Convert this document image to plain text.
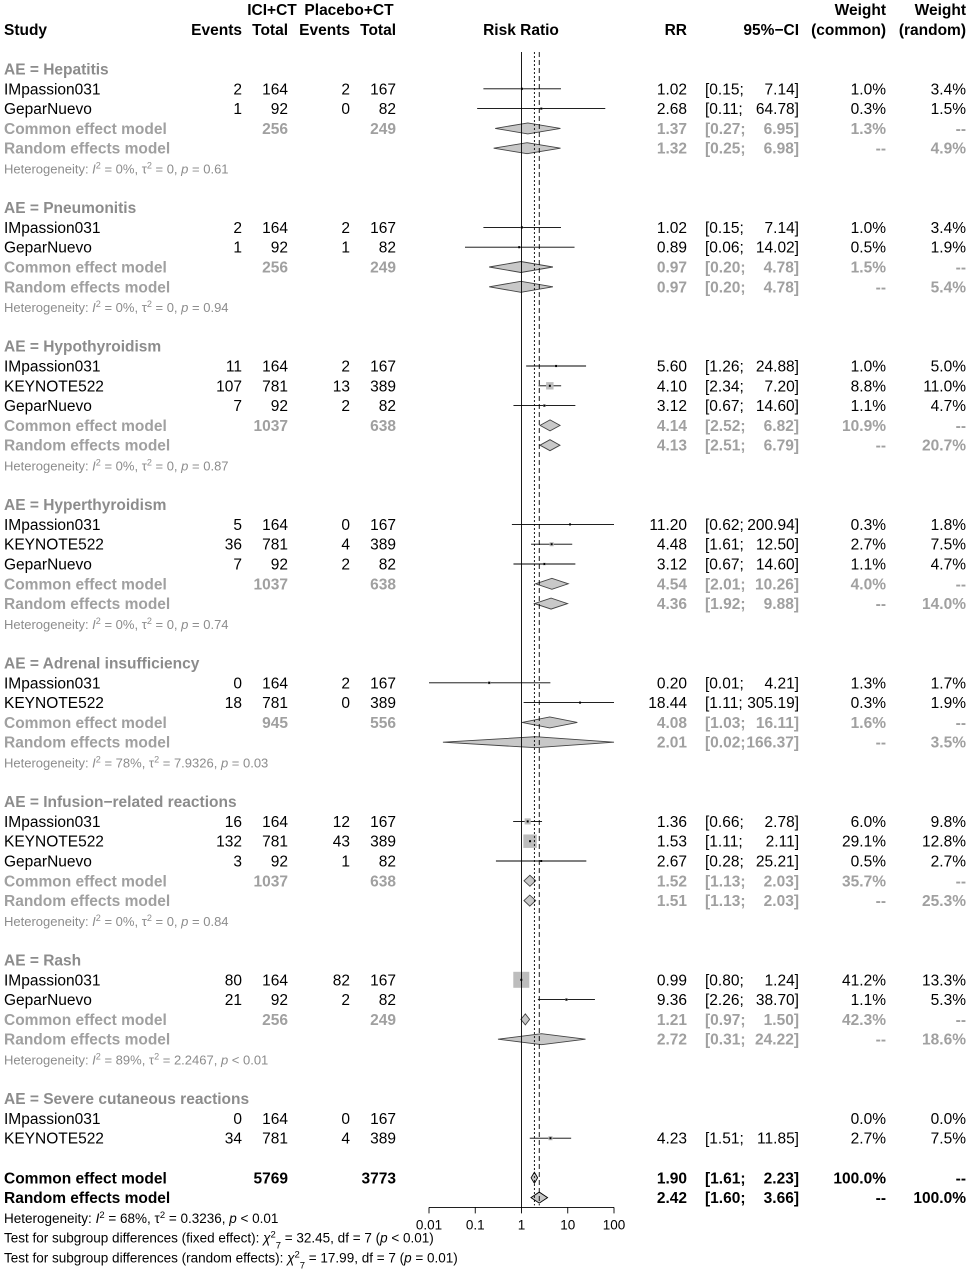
Study
ICI+CT Placebo+CT
Events Total Events Total	Risk Ratio	RR	95%−CI
Weight
(common)
Weight
(random)
AE = Hepatitis
IMpassion031	2 164	2 167	1.02 [0.15; 7.14]	1.0%	3.4%
GeparNuevo	1 92	0 82	2.68 [0.11; 64.78]	0.3%	1.5%
Common effect model	256	249	1.37 [0.27; 6.95]	1.3%	--
Random effects model	1.32 [0.25; 6.98]	--	4.9%
Heterogeneity: $I^2 = 0\%$, $\tau^2 = 0$, p = 0.61
AE = Pneumonitis
IMpassion031	2 164	2 167	1.02 [0.15; 7.14]	1.0%	3.4%
GeparNuevo	1 92	1 82	0.89 [0.06; 14.02]	0.5%	1.9%
Common effect model	256	249	0.97 [0.20; 4.78]	1.5%	--
Random effects model	0.97 [0.20; 4.78]	--	5.4%
Heterogeneity: $I^2 = 0\%$, $\tau^2 = 0$, p = 0.94
AE = Hypothyroidism
IMpassion031	11 164	2 167	5.60 [1.26; 24.88]	1.0%	5.0%
KEYNOTE522	107 781	13 389	4.10 [2.34; 7.20]	8.8% 11.0%
GeparNuevo	7 92	2 82	3.12 [0.67; 14.60]	1.1%	4.7%
Common effect model	1037	638	4.14 [2.52; 6.82]	10.9%	--
Random effects model	4.13 [2.51; 6.79]	-- 20.7%
Heterogeneity: $I^2 = 0\%$, $\tau^2 = 0$, p = 0.87
AE = Hyperthyroidism
IMpassion031	5 164	0 167	11.20 [0.62; 200.94]	0.3%	1.8%
KEYNOTE522	36 781	4 389	4.48 [1.61; 12.50]	2.7%	7.5%
GeparNuevo	7 92	2 82	3.12 [0.67; 14.60]	1.1%	4.7%
Common effect model	1037	638	4.54 [2.01; 10.26]	4.0%	--
Random effects model	4.36 [1.92; 9.88]	-- 14.0%
Heterogeneity: $I^2 = 0\%$, $\tau^2 = 0$, p = 0.74
AE = Adrenal insufficiency
IMpassion031	0 164	2 167	0.20 [0.01; 4.21]	1.3%	1.7%
KEYNOTE522	18 781	0 389	18.44 [1.11; 305.19]	0.3%	1.9%
Common effect model	945	556	4.08 [1.03; 16.11]	1.6%	--
Random effects model	2.01 [0.02; 166.37]	--	3.5%
Heterogeneity: $I^2 = 78\%$, $\tau^2 = 7.9326$, p = 0.03
AE = Infusion−related reactions
IMpassion031	16 164	12 167	1.36 [0.66; 2.78]	6.0%	9.8%
KEYNOTE522	132 781	43 389	1.53 [1.11; 2.11]	29.1% 12.8%
GeparNuevo	3 92	1 82	2.67 [0.28; 25.21]	0.5%	2.7%
Common effect model	1037	638	1.52 [1.13; 2.03]	35.7%	--
Random effects model	1.51 [1.13; 2.03]	-- 25.3%
Heterogeneity: $I^2 = 0\%$, $\tau^2 = 0$, p = 0.84
AE = Rash
IMpassion031	80 164	82 167	0.99 [0.80; 1.24]	41.2% 13.3%
GeparNuevo	21 92	2 82	9.36 [2.26; 38.70]	1.1%	5.3%
Common effect model	256	249	1.21 [0.97; 1.50]	42.3%	--
Random effects model	2.72 [0.31; 24.22]	-- 18.6%
Heterogeneity: $I^2 = 89\%$, $\tau^2 = 2.2467$, p < 0.01
AE = Severe cutaneous reactions
IMpassion031	0 164	0 167	0.0%	0.0%
KEYNOTE522	34 781	4 389	4.23 [1.51; 11.85]	2.7%	7.5%
Common effect model	5769	3773	1.90 [1.61; 2.23] 100.0%	--
Random effects model	2.42 [1.60; 3.66]	-- 100.0%
Heterogeneity: $I^2 = 68\%$, $\tau^2 = 0.3236$, p < 0.01
Test for subgroup differences (fixed effect): $\chi^2_7 = 32.45$, df = 7 (p < 0.01)
Test for subgroup differences (random effects): $\chi^2_7 = 17.99$, df = 7 (p = 0.01)
0.01 0.1 1	10 100
